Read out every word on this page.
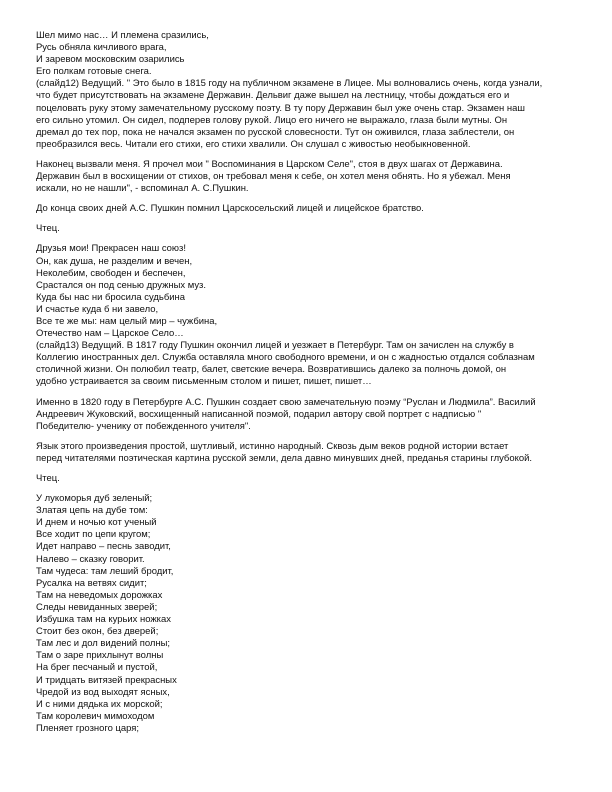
Шел мимо нас… И племена сразились,
Русь обняла кичливого врага,
И заревом московским озарились
Его полкам готовые снега.
(слайд12) Ведущий. " Это было в 1815 году на публичном экзамене в Лицее. Мы волновались очень, когда узнали,
что будет присутствовать на экзамене Державин. Дельвиг даже вышел на лестницу, чтобы дождаться его и
поцеловать руку этому замечательному русскому поэту. В ту пору Державин был уже очень стар. Экзамен наш
его сильно утомил. Он сидел, подперев голову рукой. Лицо его ничего не выражало, глаза были мутны. Он
дремал до тех пор, пока не начался экзамен по русской словесности. Тут он оживился, глаза заблестели, он
преобразился весь. Читали его стихи, его стихи хвалили. Он слушал с живостью необыкновенной.
Наконец вызвали меня. Я прочел мои " Воспоминания в Царском Селе", стоя в двух шагах от Державина.
Державин был в восхищении от стихов, он требовал меня к себе, он хотел меня обнять. Но я убежал. Меня
искали, но не нашли", - вспоминал А. С.Пушкин.
До конца своих дней А.С. Пушкин помнил Царскосельский лицей и лицейское братство.
Чтец.
Друзья мои! Прекрасен наш союз!
Он, как душа, не разделим и вечен,
Неколебим, свободен и беспечен,
Срастался он под сенью дружных муз.
Куда бы нас ни бросила судьбина
И счастье куда б ни завело,
Все те же мы: нам целый мир – чужбина,
Отечество нам – Царское Село…
(слайд13) Ведущий. В 1817 году Пушкин окончил лицей и уезжает в Петербург. Там он зачислен на службу в
Коллегию иностранных дел. Служба оставляла много свободного времени, и он с жадностью отдался соблазнам
столичной жизни. Он полюбил театр, балет, светские вечера. Возвратившись далеко за полночь домой, он
удобно устраивается за своим письменным столом и пишет, пишет, пишет…
Именно в 1820 году в Петербурге А.С. Пушкин создает свою замечательную поэму “Руслан и Людмила”. Василий
Андреевич Жуковский, восхищенный написанной поэмой, подарил автору свой портрет с надписью "
Победителю- ученику от побежденного учителя".
Язык этого произведения простой, шутливый, истинно народный. Сквозь дым веков родной истории встает
перед читателями поэтическая картина русской земли, дела давно минувших дней, преданья старины глубокой.
Чтец.
У лукоморья дуб зеленый;
Златая цепь на дубе том:
И днем и ночью кот ученый
Все ходит по цепи кругом;
Идет направо – песнь заводит,
Налево – сказку говорит.
Там чудеса: там леший бродит,
Русалка на ветвях сидит;
Там на неведомых дорожках
Следы невиданных зверей;
Избушка там на курьих ножках
Стоит без окон, без дверей;
Там лес и дол видений полны;
Там о заре прихлынут волны
На брег песчаный и пустой,
И тридцать витязей прекрасных
Чредой из вод выходят ясных,
И с ними дядька их морской;
Там королевич мимоходом
Пленяет грозного царя;
